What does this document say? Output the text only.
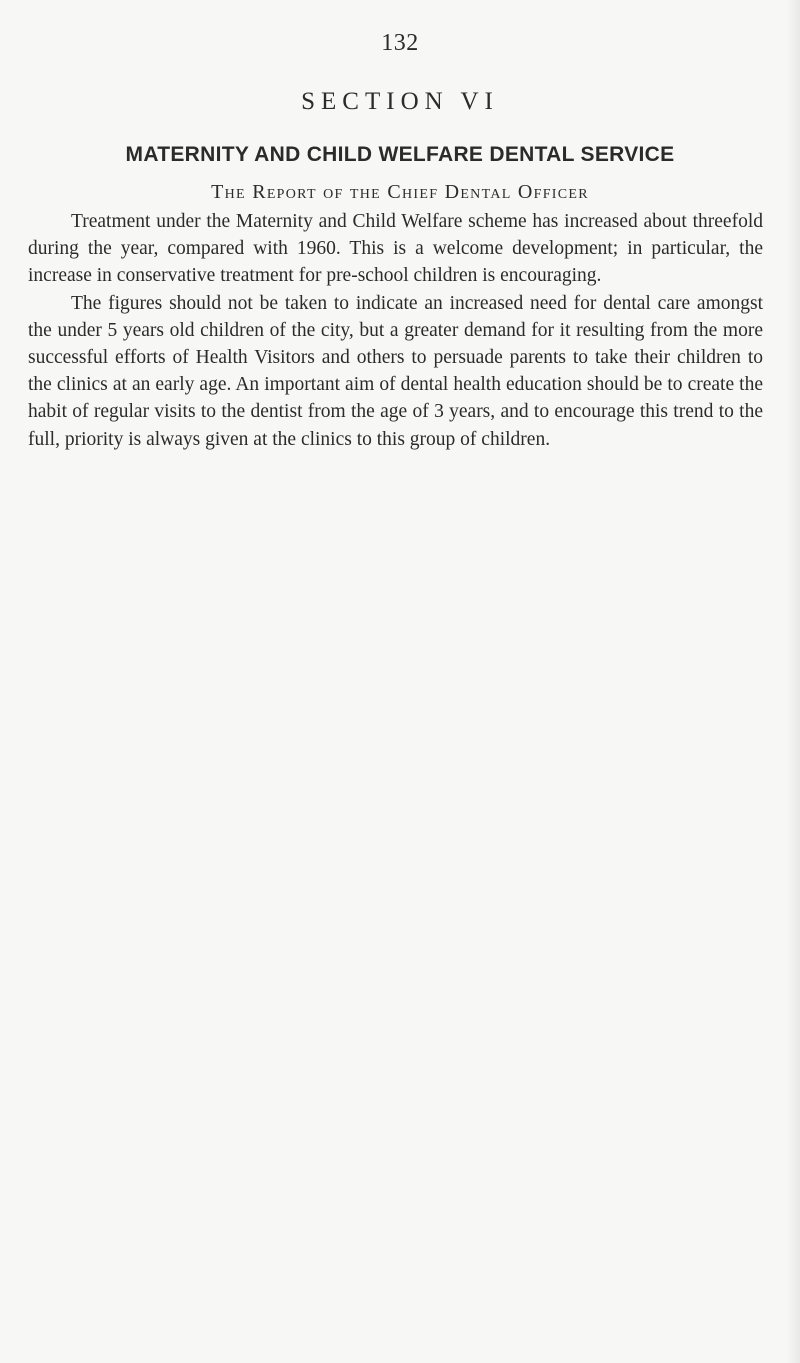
132
SECTION VI
MATERNITY AND CHILD WELFARE DENTAL SERVICE
The Report of the Chief Dental Officer

Treatment under the Maternity and Child Welfare scheme has increased about threefold during the year, compared with 1960. This is a welcome development; in particular, the increase in conservative treatment for pre-school children is encouraging.

The figures should not be taken to indicate an increased need for dental care amongst the under 5 years old children of the city, but a greater demand for it resulting from the more successful efforts of Health Visitors and others to persuade parents to take their children to the clinics at an early age. An important aim of dental health education should be to create the habit of regular visits to the dentist from the age of 3 years, and to encourage this trend to the full, priority is always given at the clinics to this group of children.
